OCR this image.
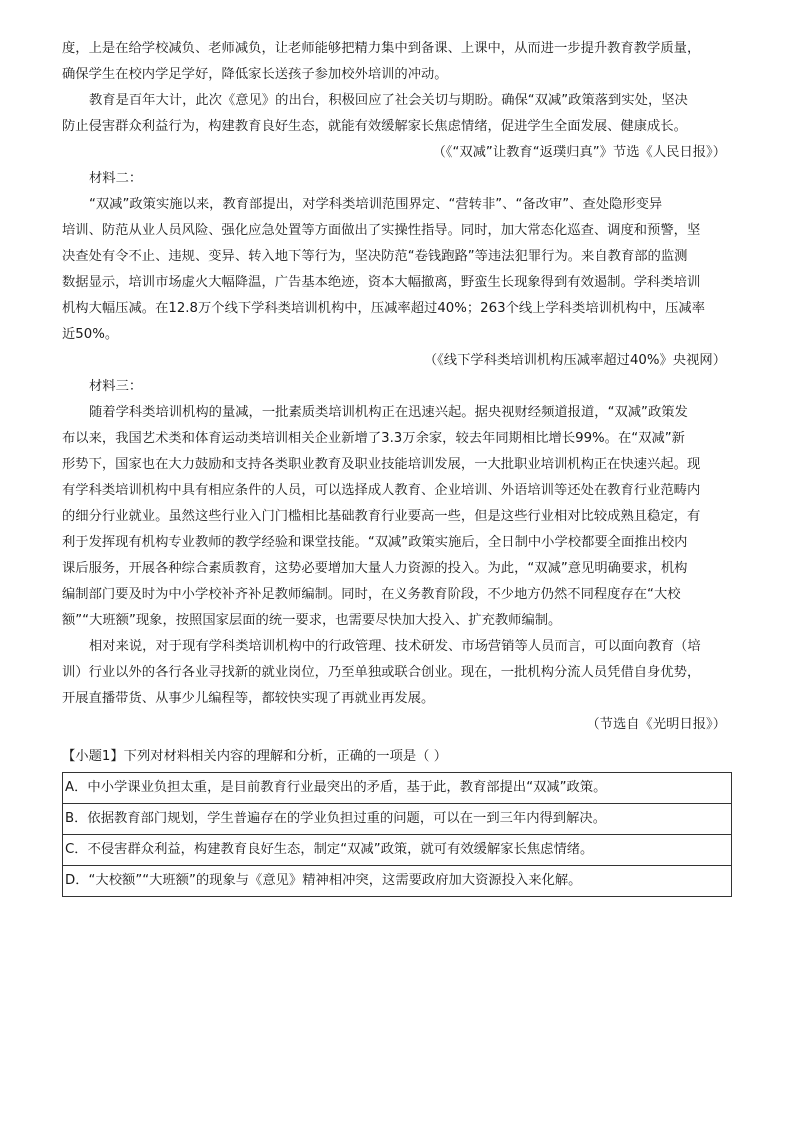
度，上是在给学校减负、老师减负，让老师能够把精力集中到备课、上课中，从而进一步提升教育教学质量，
确保学生在校内学足学好，降低家长送孩子参加校外培训的冲动。
教育是百年大计，此次《意见》的出台，积极回应了社会关切与期盼。确保“双减”政策落到实处，坚决
防止侵害群众利益行为，构建教育良好生态，就能有效缓解家长焦虑情绪，促进学生全面发展、健康成长。
（《“双减”让教育“返璞归真”》节选《人民日报》）
材料二：
“双减”政策实施以来，教育部提出，对学科类培训范围界定、“营转非”、“备改审”、查处隐形变异
培训、防范从业人员风险、强化应急处置等方面做出了实操性指导。同时，加大常态化巡查、调度和预警，坚
决查处有令不止、违规、变异、转入地下等行为，坚决防范“卷钱跑路”等违法犯罪行为。来自教育部的监测
数据显示，培训市场虚火大幅降温，广告基本绝迹，资本大幅撤离，野蛮生长现象得到有效遏制。学科类培训
机构大幅压减。在12.8万个线下学科类培训机构中，压减率超过40%；263个线上学科类培训机构中，压减率
近50%。
（《线下学科类培训机构压减率超过40%》央视网）
材料三：
随着学科类培训机构的量减，一批素质类培训机构正在迅速兴起。据央视财经频道报道，“双减”政策发
布以来，我国艺术类和体育运动类培训相关企业新增了3.3万余家，较去年同期相比增长99%。在“双减”新
形势下，国家也在大力鼓励和支持各类职业教育及职业技能培训发展，一大批职业培训机构正在快速兴起。现
有学科类培训机构中具有相应条件的人员，可以选择成人教育、企业培训、外语培训等还处在教育行业范畴内
的细分行业就业。虽然这些行业入门门槛相比基础教育行业要高一些，但是这些行业相对比较成熟且稳定，有
利于发挥现有机构专业教师的教学经验和课堂技能。“双减”政策实施后，全日制中小学校都要全面推出校内
课后服务，开展各种综合素质教育，这势必要增加大量人力资源的投入。为此，“双减”意见明确要求，机构
编制部门要及时为中小学校补齐补足教师编制。同时，在义务教育阶段，不少地方仍然不同程度存在“大校
额”“大班额”现象，按照国家层面的统一要求，也需要尽快加大投入、扩充教师编制。
相对来说，对于现有学科类培训机构中的行政管理、技术研发、市场营销等人员而言，可以面向教育（培
训）行业以外的各行各业寻找新的就业岗位，乃至单独或联合创业。现在，一批机构分流人员凭借自身优势，
开展直播带货、从事少儿编程等，都较快实现了再就业再发展。
（节选自《光明日报》）
【小题1】下列对材料相关内容的理解和分析，正确的一项是（ ）
A．中小学课业负担太重，是目前教育行业最突出的矛盾，基于此，教育部提出“双减”政策。
B．依据教育部门规划，学生普遍存在的学业负担过重的问题，可以在一到三年内得到解决。
C．不侵害群众利益，构建教育良好生态，制定“双减”政策，就可有效缓解家长焦虑情绪。
D．“大校额”“大班额”的现象与《意见》精神相冲突，这需要政府加大资源投入来化解。
